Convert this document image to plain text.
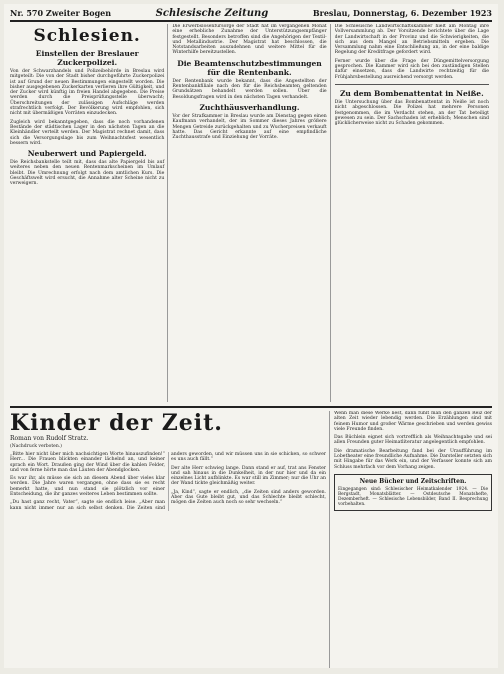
Nr. 570 Zweiter Bogen	Schlesische Zeitung	Breslau, Donnerstag, 6. Dezember 1923
Schlesien.
Einstellen der Breslauer Zuckerpolizei.

Von der Schwarzhandels und Polizeibehörde in Breslau wird mitgeteilt: Die von der Stadt bisher durchgeführte Zuckerpolizei ist auf Grund der neuen Bestimmungen eingestellt worden. Die bisher ausgegebenen Zuckerkarten verlieren ihre Gültigkeit, und der Zucker wird künftig im freien Handel abgegeben. Die Preise werden durch die Preisprüfungsstelle überwacht; Überschreitungen der zulässigen Aufschläge werden strafrechtlich verfolgt. Der Bevölkerung wird empfohlen, sich nicht mit übermäßigen Vorräten einzudecken.

Zugleich wird bekanntgegeben, dass die noch vorhandenen Bestände der städtischen Lager in den nächsten Tagen an die Kleinhändler verteilt werden. Der Magistrat rechnet damit, dass sich die Versorgungslage bis zum Weihnachtsfest wesentlich bessern wird.

Neuberwert und Papiergeld.

Die Reichsbankstelle teilt mit, dass das alte Papiergeld bis auf weiteres neben den neuen Rentenmarkscheinen im Umlauf bleibt. Die Umrechnung erfolgt nach dem amtlichen Kurs. Die Geschäftswelt wird ersucht, die Annahme alter Scheine nicht zu verweigern.

Die Erwerbslosenfürsorge der Stadt hat im vergangenen Monat eine erhebliche Zunahme der Unterstützungsempfänger festgestellt. Besonders betroffen sind die Angehörigen der Textil- und Metallindustrie. Der Magistrat hat beschlossen, die Notstandsarbeiten auszudehnen und weitere Mittel für die Winterhilfe bereitzustellen.

Die Beamtenschutzbestimmungen für die Rentenbank.

Der Rentenbank wurde bekannt, dass die Angestellten der Rentenbankfiliale nach den für die Reichsbeamten geltenden Grundsätzen behandelt werden sollen. Über die Besoldungsfragen wird in den nächsten Tagen verhandelt.

Zuchthäusverhandlung.

Vor der Strafkammer in Breslau wurde am Dienstag gegen einen Kaufmann verhandelt, der im Sommer dieses Jahres größere Mengen Getreide zurückgehalten und zu Wucherpreisen verkauft hatte. Das Gericht erkannte auf eine empfindliche Zuchthausstrafe und Einziehung der Vorräte.

Die Schlesische Landwirtschaftskammer hielt am Montag ihre Vollversammlung ab. Der Vorsitzende berichtete über die Lage der Landwirtschaft in der Provinz und die Schwierigkeiten, die sich aus dem Mangel an Betriebsmitteln ergeben. Die Versammlung nahm eine Entschließung an, in der eine baldige Regelung der Kreditfrage gefordert wird.

Ferner wurde über die Frage der Düngemittelversorgung gesprochen. Die Kammer wird sich bei den zuständigen Stellen dafür einsetzen, dass die Landwirte rechtzeitig für die Frühjahrsbestellung ausreichend versorgt werden.

Zu dem Bombenattentat in Neiße.

Die Untersuchung über das Bombenattentat in Neiße ist noch nicht abgeschlossen. Die Polizei hat mehrere Personen festgenommen, die im Verdacht stehen, an der Tat beteiligt gewesen zu sein. Der Sachschaden ist erheblich; Menschen sind glücklicherweise nicht zu Schaden gekommen.

Kinder der Zeit.
Roman von Rudolf Stratz.
(Nachdruck verboten.)

„Bitte hier nicht über mich nachsichtigen Worte hinauszufinden!“ Herr... Die Frauen blickten einander lächelnd an, und keiner sprach ein Wort. Draußen ging der Wind über die kahlen Felder, und von ferne hörte man das Läuten der Abendglocken.

Es war ihr, als müsse sie sich an diesem Abend über vieles klar werden. Die Jahre waren vergangen, ohne dass sie es recht bemerkt hatte, und nun stand sie plötzlich vor einer Entscheidung, die ihr ganzes weiteres Leben bestimmen sollte.

„Du hast ganz recht, Vater“, sagte sie endlich leise. „Aber man kann nicht immer nur an sich selbst denken. Die Zeiten sind anders geworden, und wir müssen uns in sie schicken, so schwer es uns auch fällt.“

Der alte Herr schwieg lange. Dann stand er auf, trat ans Fenster und sah hinaus in die Dunkelheit, in der nur hier und da ein einzelnes Licht aufblinkte. Es war still im Zimmer; nur die Uhr an der Wand tickte gleichmäßig weiter.

„Ja, Kind“, sagte er endlich, „die Zeiten sind anders geworden. Aber das Gute bleibt gut, und das Schlechte bleibt schlecht, mögen die Zeiten auch noch so sehr wechseln.“

Wenn man diese Werke liest, dann fühlt man den ganzen Reiz der alten Zeit wieder lebendig werden. Die Erzählungen sind mit feinem Humor und großer Wärme geschrieben und werden gewiss viele Freunde finden.

Das Büchlein eignet sich vortrefflich als Weihnachtsgabe und sei allen Freunden guter Heimatliteratur angelegentlich empfohlen.

Die dramatische Bearbeitung fand bei der Uraufführung im Lobetheater eine freundliche Aufnahme. Die Darsteller setzten sich mit Hingabe für das Werk ein, und der Verfasser konnte sich am Schluss mehrfach vor dem Vorhang zeigen.

Neue Bücher und Zeitschriften.
Eingegangen sind: Schlesischer Heimatkalender 1924. — Die Bergstadt, Monatsblätter. — Ostdeutsche Monatshefte, Dezemberheft. — Schlesische Lebensbilder, Band II. Besprechung vorbehalten.
